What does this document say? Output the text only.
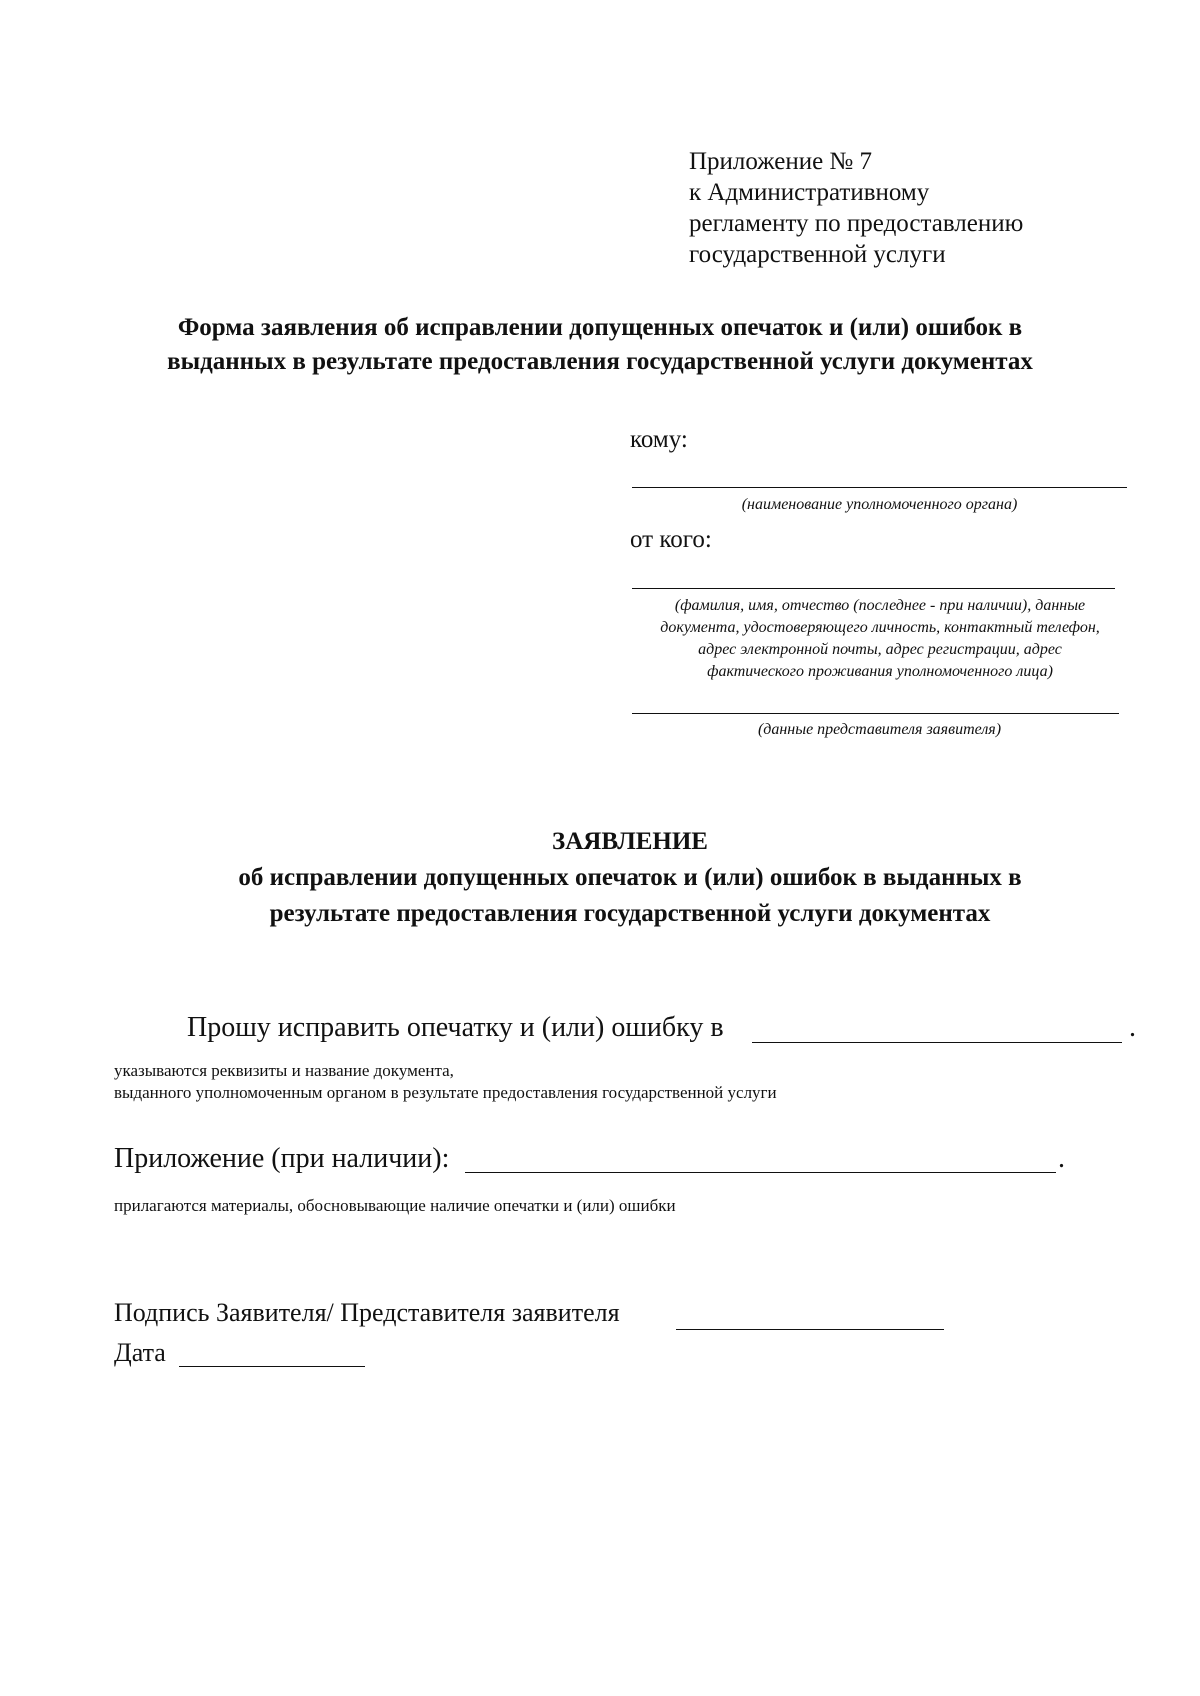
Приложение № 7
к Административному
регламенту по предоставлению
государственной услуги
Форма заявления об исправлении допущенных опечаток и (или) ошибок в
выданных в результате предоставления государственной услуги документах
кому:
(наименование уполномоченного органа)
от кого:
(фамилия, имя, отчество (последнее - при наличии), данные
документа, удостоверяющего личность, контактный телефон,
адрес электронной почты, адрес регистрации, адрес
фактического проживания уполномоченного лица)
(данные представителя заявителя)
ЗАЯВЛЕНИЕ
об исправлении допущенных опечаток и (или) ошибок в выданных в
результате предоставления государственной услуги документах
Прошу исправить опечатку и (или) ошибку в	.
указываются реквизиты и название документа,
выданного уполномоченным органом в результате предоставления государственной услуги
Приложение (при наличии):	.
прилагаются материалы, обосновывающие наличие опечатки и (или) ошибки
Подпись Заявителя/ Представителя заявителя
Дата
